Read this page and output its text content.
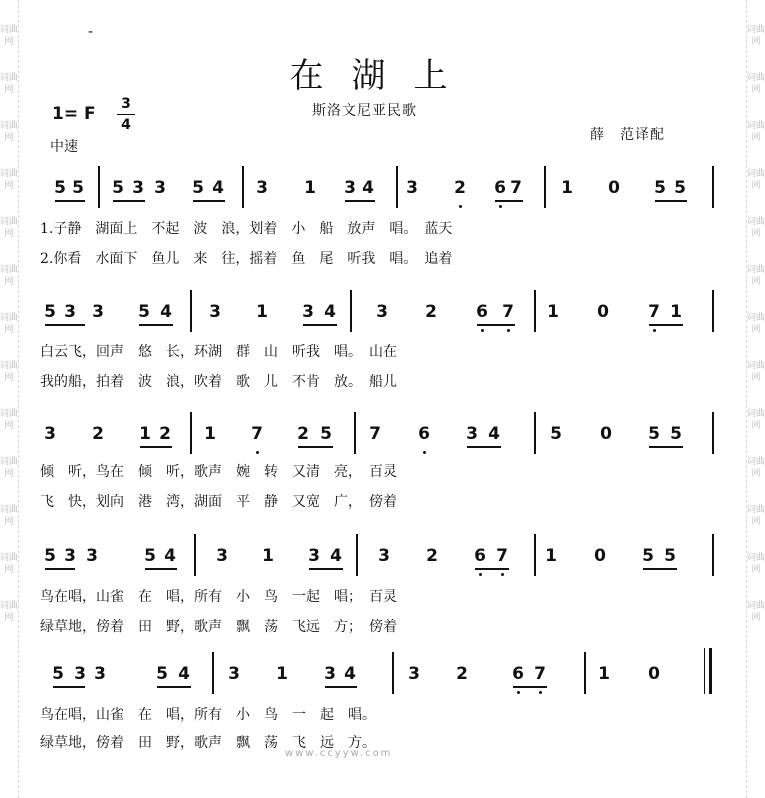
词曲网
词曲网
词曲网
词曲网
词曲网
词曲网
词曲网
词曲网
词曲网
词曲网
词曲网
词曲网
词曲网
词曲网
词曲网
词曲网
词曲网
词曲网
词曲网
词曲网
词曲网
词曲网
词曲网
词曲网
词曲网
词曲网
-
在湖上
斯洛文尼亚民歌
1= F 3
4
中速
薛　范译配
5 5 5 3 3 5 4 3 1 3 4 3 2 6 7 1 0 5 5
1.子静　湖面上　不起　波　浪，划着　小　船　放声　唱。　蓝天
2.你看　水面下　鱼儿　来　往，摇着　鱼　尾　听我　唱。　追着
5 3 3 5 4 3 1 3 4 3 2 6 7 1 0 7 1
白云飞，回声　悠　长，环湖　群　山　听我　唱。　山在
我的船，拍着　波　浪，吹着　歌　儿　不肯　放。　船儿
3 2 1 2 1 7 2 5 7 6 3 4	5 0 5 5
倾　听，鸟在　倾　听，歌声　婉　转　又清　亮，　百灵
飞　快，划向　港　湾，湖面　平　静　又宽　广，　傍着
5 3 3	5 4 3 1 3 4 3 2 6 7 1 0 5 5
鸟在唱，山雀　在　唱，所有　小　鸟　一起　唱；　百灵
绿草地，傍着　田　野，歌声　飘　荡　飞远　方；　傍着
5 3 3	5 4 3 1 3 4	3 2	6 7	1 0
鸟在唱，山雀　在　唱，所有　小　鸟　一　起　唱。
绿草地，傍着　田　野，歌声　飘　荡　飞　远　方。
www.ccyyw.com
